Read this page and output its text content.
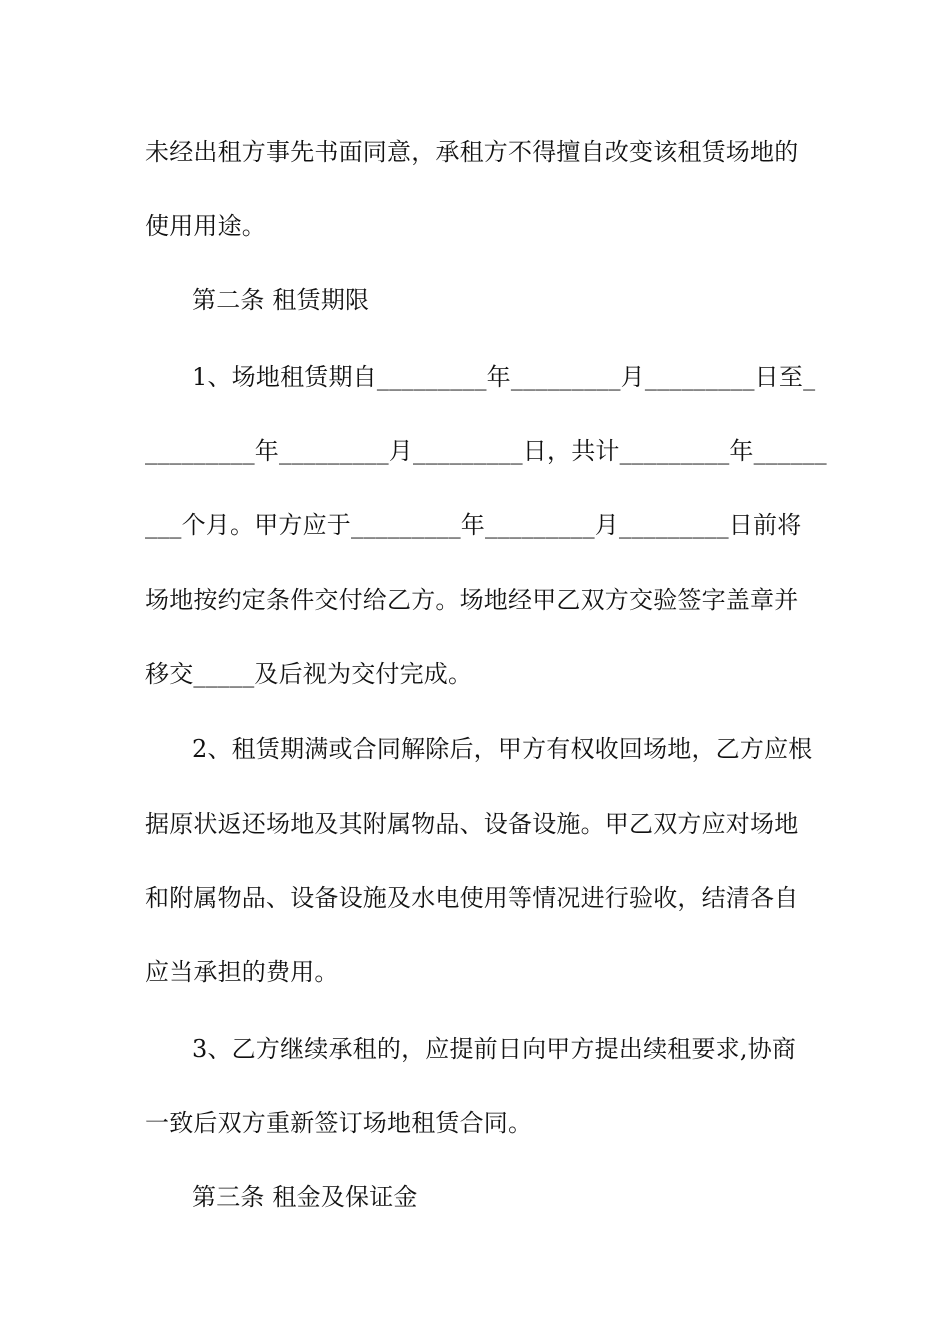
未经出租方事先书面同意，承租方不得擅自改变该租赁场地的
使用用途。
第二条 租赁期限
1、场地租赁期自_________年_________月_________日至_
_________年_________月_________日，共计_________年______
___个月。甲方应于_________年_________月_________日前将
场地按约定条件交付给乙方。场地经甲乙双方交验签字盖章并
移交_____及后视为交付完成。
2、租赁期满或合同解除后，甲方有权收回场地，乙方应根
据原状返还场地及其附属物品、设备设施。甲乙双方应对场地
和附属物品、设备设施及水电使用等情况进行验收，结清各自
应当承担的费用。
3、乙方继续承租的，应提前日向甲方提出续租要求,协商
一致后双方重新签订场地租赁合同。
第三条 租金及保证金
